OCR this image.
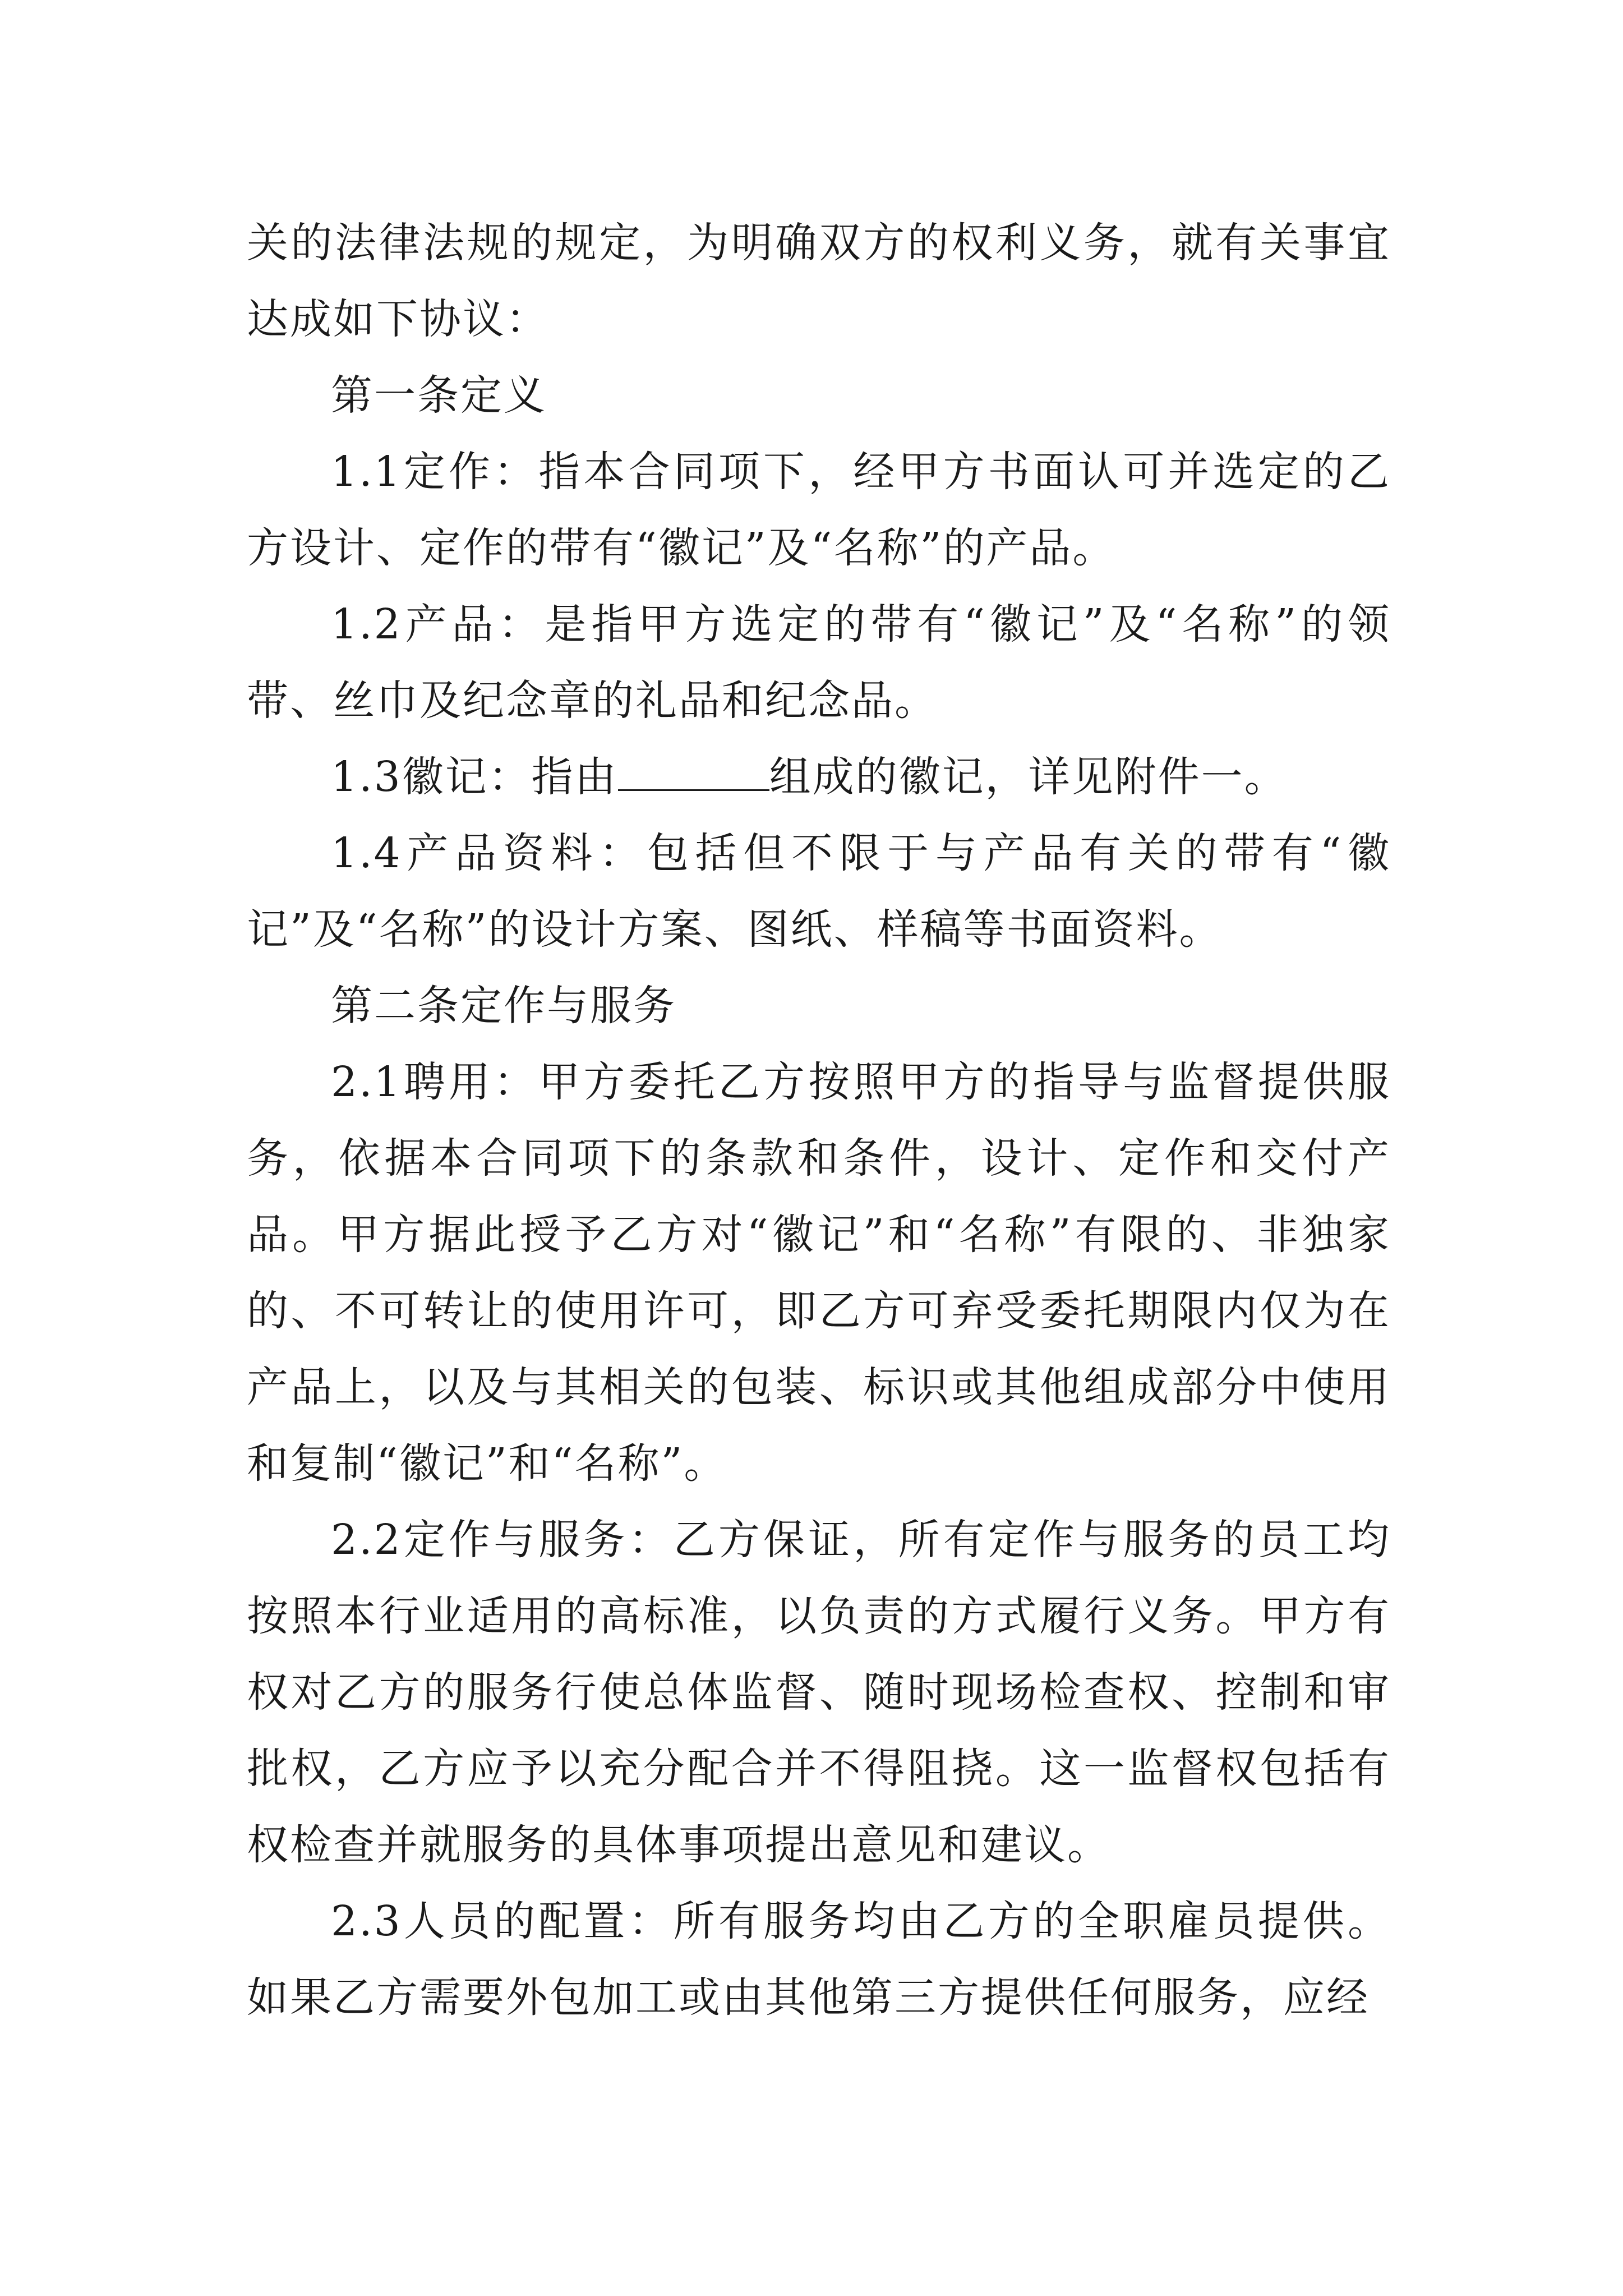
关的法律法规的规定，为明确双方的权利义务，就有关事宜达成如下协议：

第一条定义

1.1定作：指本合同项下，经甲方书面认可并选定的乙方设计、定作的带有“徽记”及“名称”的产品。

1.2产品：是指甲方选定的带有“徽记”及“名称”的领带、丝巾及纪念章的礼品和纪念品。

1.3徽记：指由	组成的徽记，详见附件一。

1.4产品资料：包括但不限于与产品有关的带有“徽记”及“名称”的设计方案、图纸、样稿等书面资料。

第二条定作与服务

2.1聘用：甲方委托乙方按照甲方的指导与监督提供服务，依据本合同项下的条款和条件，设计、定作和交付产品。甲方据此授予乙方对“徽记”和“名称”有限的、非独家的、不可转让的使用许可，即乙方可弃受委托期限内仅为在产品上，以及与其相关的包装、标识或其他组成部分中使用和复制“徽记”和“名称”。

2.2定作与服务：乙方保证，所有定作与服务的员工均按照本行业适用的高标准，以负责的方式履行义务。甲方有权对乙方的服务行使总体监督、随时现场检查权、控制和审批权，乙方应予以充分配合并不得阻挠。这一监督权包括有权检查并就服务的具体事项提出意见和建议。

2.3人员的配置：所有服务均由乙方的全职雇员提供。如果乙方需要外包加工或由其他第三方提供任何服务，应经
